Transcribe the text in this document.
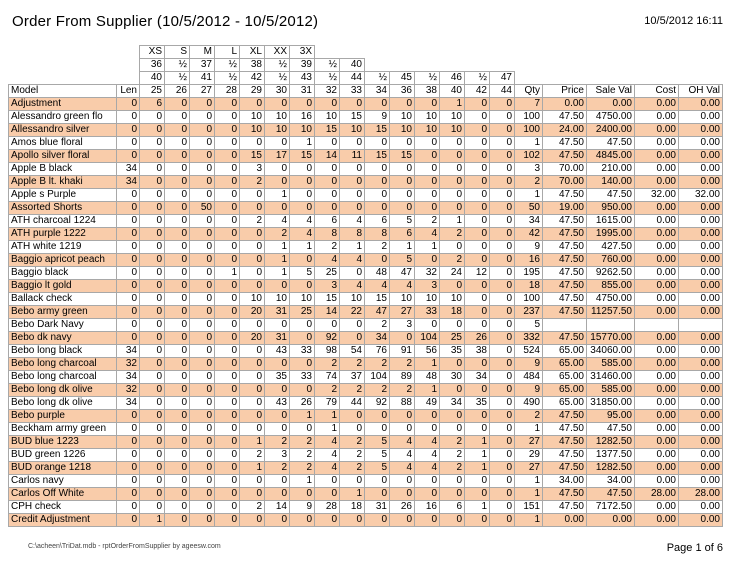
Order From Supplier (10/5/2012 - 10/5/2012)	10/5/2012 16:11
		XS	S	M	L	XL	XX	3X													
		36	½	37	½	38	½	39	½	40											
		40	½	41	½	42	½	43	½	44	½	45	½	46	½	47					
Model	Len	25	26	27	28	29	30	31	32	33	34	36	38	40	42	44	Qty	Price	Sale Val	Cost	OH Val
Adjustment	0	6	0	0	0	0	0	0	0	0	0	0	0	1	0	0	7	0.00	0.00	0.00	0.00
Alessandro green flo	0	0	0	0	0	10	10	16	10	15	9	10	10	10	0	0	100	47.50	4750.00	0.00	0.00
Allessandro silver	0	0	0	0	0	10	10	10	15	10	15	10	10	10	0	0	100	24.00	2400.00	0.00	0.00
Amos blue floral	0	0	0	0	0	0	0	1	0	0	0	0	0	0	0	0	1	47.50	47.50	0.00	0.00
Apollo silver floral	0	0	0	0	0	15	17	15	14	11	15	15	0	0	0	0	102	47.50	4845.00	0.00	0.00
Apple B black	34	0	0	0	0	3	0	0	0	0	0	0	0	0	0	0	3	70.00	210.00	0.00	0.00
Apple B lt. khaki	34	0	0	0	0	2	0	0	0	0	0	0	0	0	0	0	2	70.00	140.00	0.00	0.00
Apple s Purple	0	0	0	0	0	0	1	0	0	0	0	0	0	0	0	0	1	47.50	47.50	32.00	32.00
Assorted Shorts	0	0	0	50	0	0	0	0	0	0	0	0	0	0	0	0	50	19.00	950.00	0.00	0.00
ATH charcoal 1224	0	0	0	0	0	2	4	4	6	4	6	5	2	1	0	0	34	47.50	1615.00	0.00	0.00
ATH purple 1222	0	0	0	0	0	0	2	4	8	8	8	6	4	2	0	0	42	47.50	1995.00	0.00	0.00
ATH white 1219	0	0	0	0	0	0	1	1	2	1	2	1	1	0	0	0	9	47.50	427.50	0.00	0.00
Baggio apricot peach	0	0	0	0	0	0	1	0	4	4	0	5	0	2	0	0	16	47.50	760.00	0.00	0.00
Baggio black	0	0	0	0	1	0	1	5	25	0	48	47	32	24	12	0	195	47.50	9262.50	0.00	0.00
Baggio lt gold	0	0	0	0	0	0	0	0	3	4	4	4	3	0	0	0	18	47.50	855.00	0.00	0.00
Ballack check	0	0	0	0	0	10	10	10	15	10	15	10	10	10	0	0	100	47.50	4750.00	0.00	0.00
Bebo army green	0	0	0	0	0	20	31	25	14	22	47	27	33	18	0	0	237	47.50	11257.50	0.00	0.00
Bebo Dark Navy	0	0	0	0	0	0	0	0	0	0	2	3	0	0	0	0	5				
Bebo dk navy	0	0	0	0	0	20	31	0	92	0	34	0	104	25	26	0	332	47.50	15770.00	0.00	0.00
Bebo long black	34	0	0	0	0	0	43	33	98	54	76	91	56	35	38	0	524	65.00	34060.00	0.00	0.00
Bebo long charcoal	32	0	0	0	0	0	0	0	2	2	2	2	1	0	0	0	9	65.00	585.00	0.00	0.00
Bebo long charcoal	34	0	0	0	0	0	35	33	74	37	104	89	48	30	34	0	484	65.00	31460.00	0.00	0.00
Bebo long dk olive	32	0	0	0	0	0	0	0	2	2	2	2	1	0	0	0	9	65.00	585.00	0.00	0.00
Bebo long dk olive	34	0	0	0	0	0	43	26	79	44	92	88	49	34	35	0	490	65.00	31850.00	0.00	0.00
Bebo purple	0	0	0	0	0	0	0	1	1	0	0	0	0	0	0	0	2	47.50	95.00	0.00	0.00
Beckham army green	0	0	0	0	0	0	0	0	1	0	0	0	0	0	0	0	1	47.50	47.50	0.00	0.00
BUD blue 1223	0	0	0	0	0	1	2	2	4	2	5	4	4	2	1	0	27	47.50	1282.50	0.00	0.00
BUD green 1226	0	0	0	0	0	2	3	2	4	2	5	4	4	2	1	0	29	47.50	1377.50	0.00	0.00
BUD orange 1218	0	0	0	0	0	1	2	2	4	2	5	4	4	2	1	0	27	47.50	1282.50	0.00	0.00
Carlos navy	0	0	0	0	0	0	0	1	0	0	0	0	0	0	0	0	1	34.00	34.00	0.00	0.00
Carlos Off White	0	0	0	0	0	0	0	0	0	1	0	0	0	0	0	0	1	47.50	47.50	28.00	28.00
CPH check	0	0	0	0	0	2	14	9	28	18	31	26	16	6	1	0	151	47.50	7172.50	0.00	0.00
Credit Adjustment	0	1	0	0	0	0	0	0	0	0	0	0	0	0	0	0	1	0.00	0.00	0.00	0.00
C:\acheen\TriDat.mdb - rptOrderFromSupplier by ageesw.com	Page 1 of 6
